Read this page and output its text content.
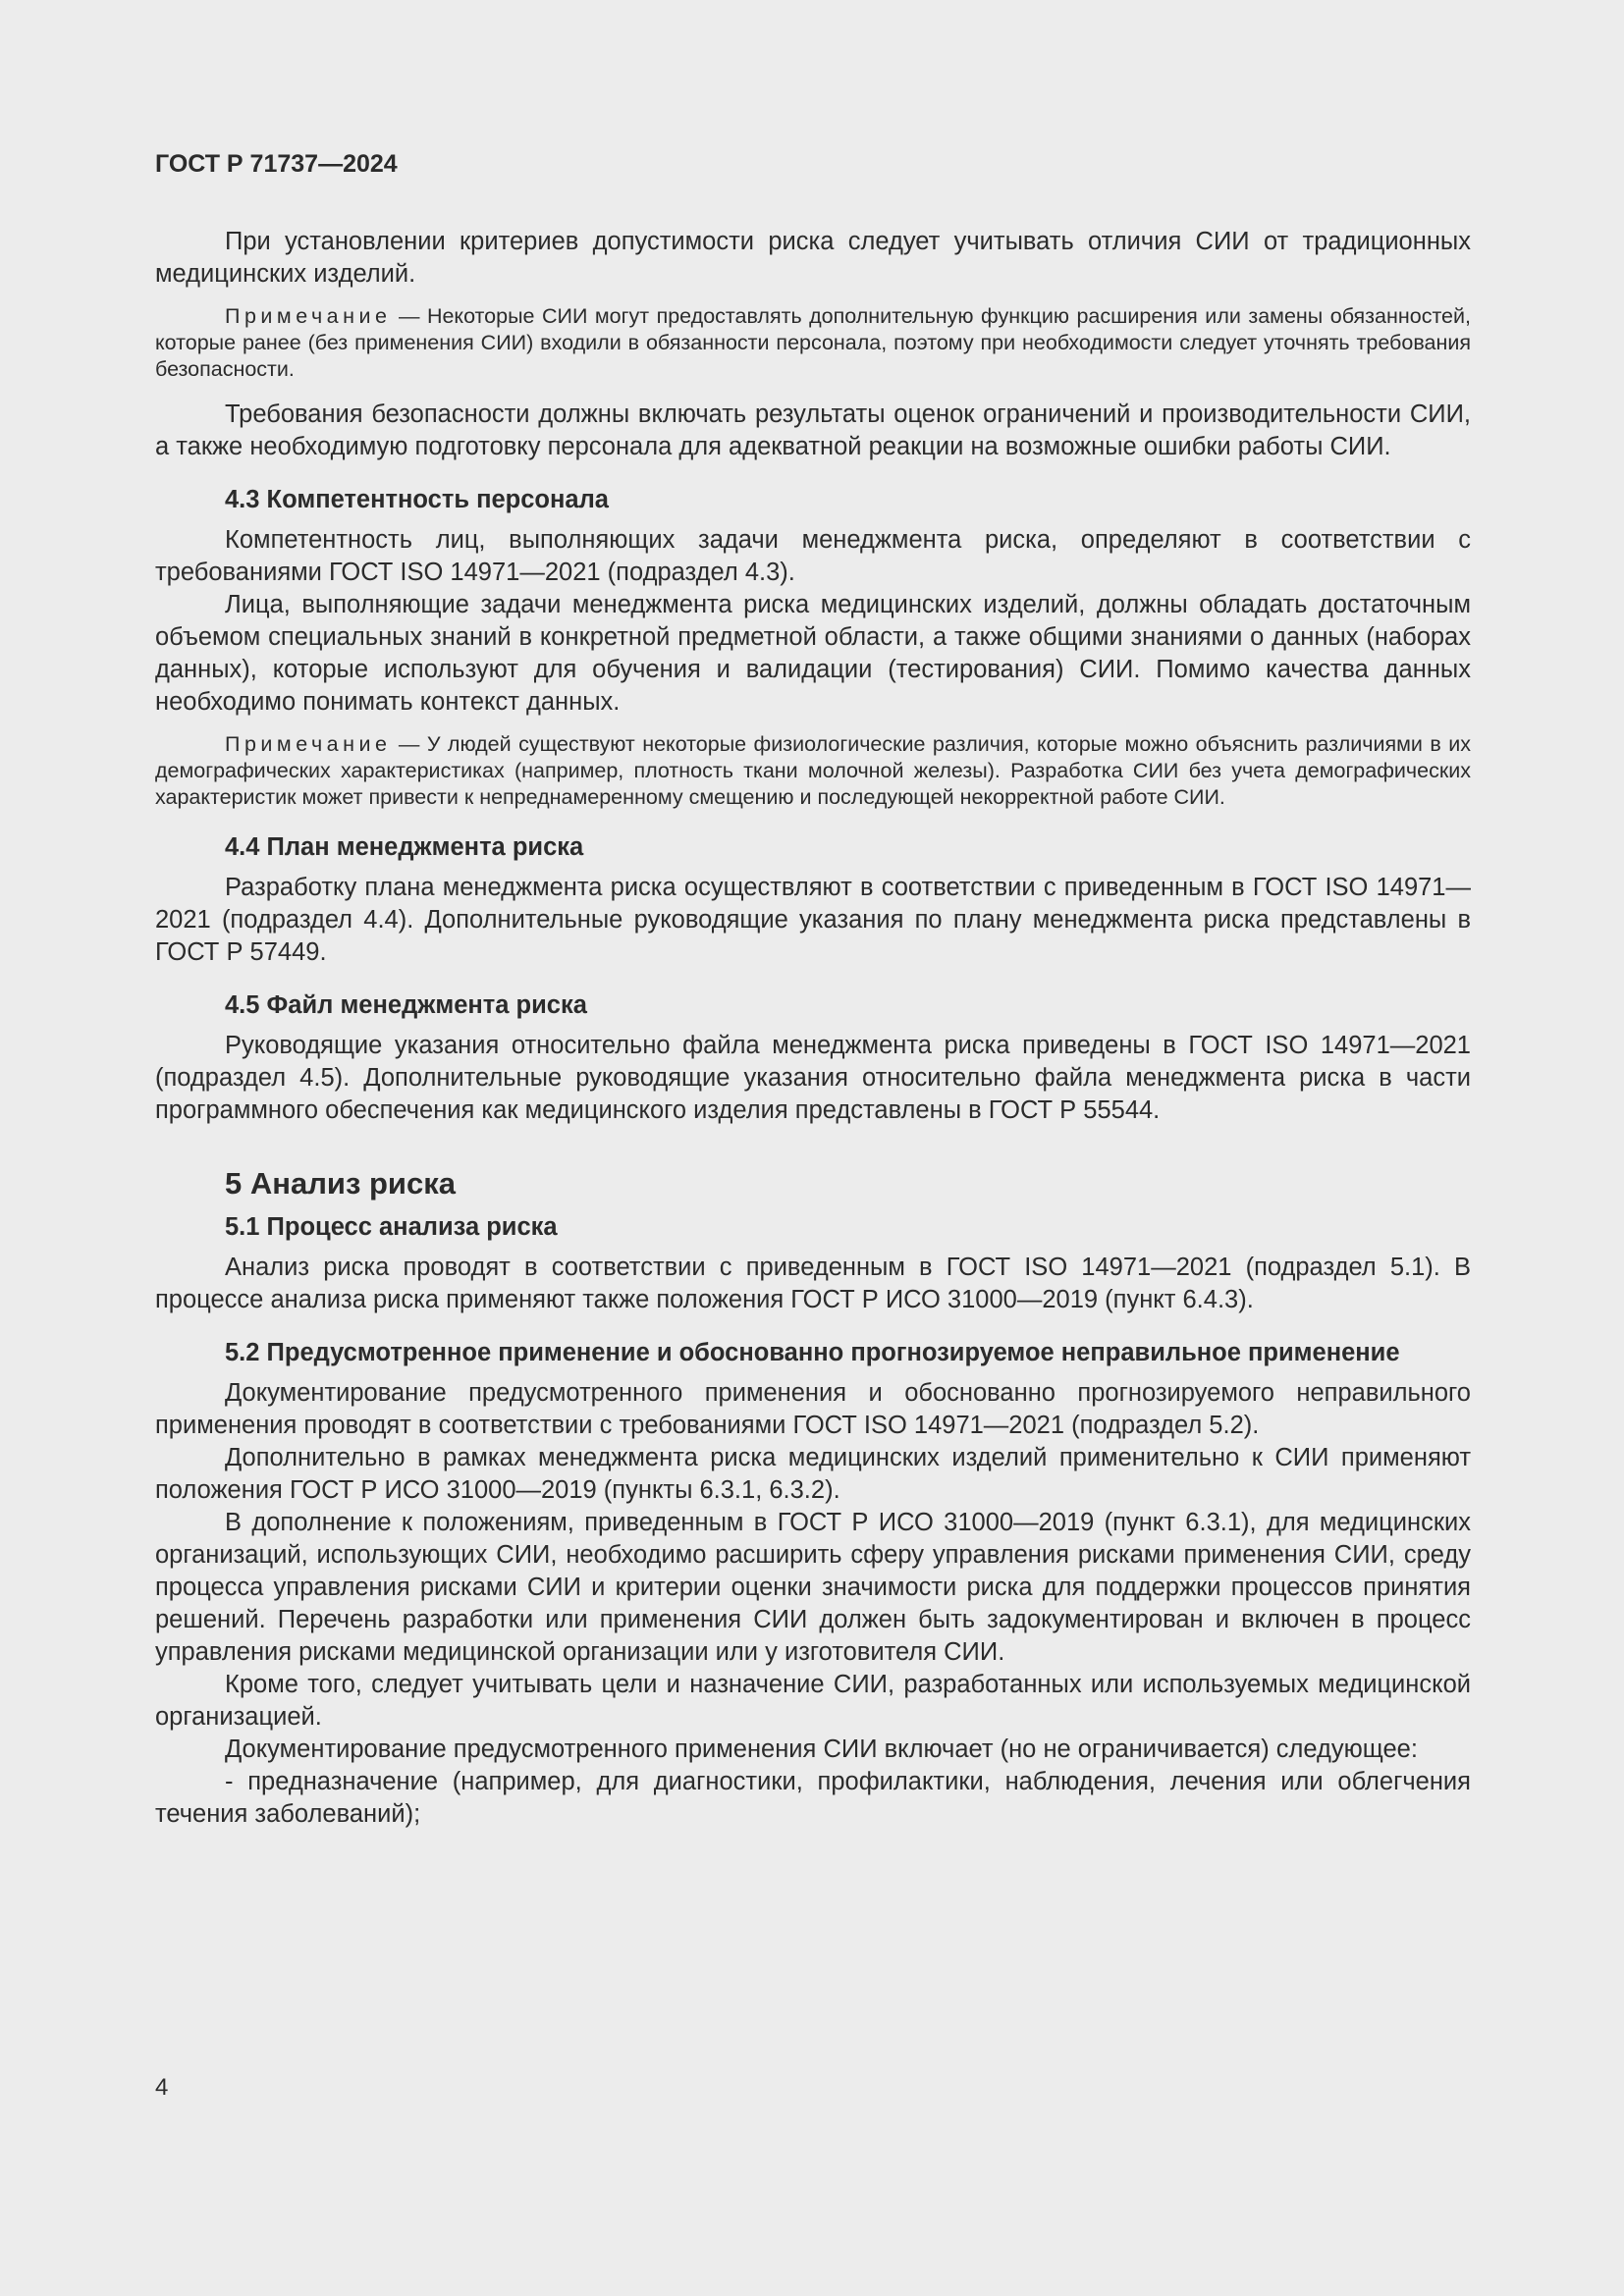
ГОСТ Р 71737—2024

При установлении критериев допустимости риска следует учитывать отличия СИИ от традиционных медицинских изделий.

Примечание — Некоторые СИИ могут предоставлять дополнительную функцию расширения или замены обязанностей, которые ранее (без применения СИИ) входили в обязанности персонала, поэтому при необходимости следует уточнять требования безопасности.

Требования безопасности должны включать результаты оценок ограничений и производительности СИИ, а также необходимую подготовку персонала для адекватной реакции на возможные ошибки работы СИИ.

4.3 Компетентность персонала

Компетентность лиц, выполняющих задачи менеджмента риска, определяют в соответствии с требованиями ГОСТ ISO 14971—2021 (подраздел 4.3).

Лица, выполняющие задачи менеджмента риска медицинских изделий, должны обладать достаточным объемом специальных знаний в конкретной предметной области, а также общими знаниями о данных (наборах данных), которые используют для обучения и валидации (тестирования) СИИ. Помимо качества данных необходимо понимать контекст данных.

Примечание — У людей существуют некоторые физиологические различия, которые можно объяснить различиями в их демографических характеристиках (например, плотность ткани молочной железы). Разработка СИИ без учета демографических характеристик может привести к непреднамеренному смещению и последующей некорректной работе СИИ.

4.4 План менеджмента риска

Разработку плана менеджмента риска осуществляют в соответствии с приведенным в ГОСТ ISO 14971—2021 (подраздел 4.4). Дополнительные руководящие указания по плану менеджмента риска представлены в ГОСТ Р 57449.

4.5 Файл менеджмента риска

Руководящие указания относительно файла менеджмента риска приведены в ГОСТ ISO 14971—2021 (подраздел 4.5). Дополнительные руководящие указания относительно файла менеджмента риска в части программного обеспечения как медицинского изделия представлены в ГОСТ Р 55544.

5 Анализ риска
5.1 Процесс анализа риска

Анализ риска проводят в соответствии с приведенным в ГОСТ ISO 14971—2021 (подраздел 5.1). В процессе анализа риска применяют также положения ГОСТ Р ИСО 31000—2019 (пункт 6.4.3).

5.2 Предусмотренное применение и обоснованно прогнозируемое неправильное применение

Документирование предусмотренного применения и обоснованно прогнозируемого неправильного применения проводят в соответствии с требованиями ГОСТ ISO 14971—2021 (подраздел 5.2).

Дополнительно в рамках менеджмента риска медицинских изделий применительно к СИИ применяют положения ГОСТ Р ИСО 31000—2019 (пункты 6.3.1, 6.3.2).

В дополнение к положениям, приведенным в ГОСТ Р ИСО 31000—2019 (пункт 6.3.1), для медицинских организаций, использующих СИИ, необходимо расширить сферу управления рисками применения СИИ, среду процесса управления рисками СИИ и критерии оценки значимости риска для поддержки процессов принятия решений. Перечень разработки или применения СИИ должен быть задокументирован и включен в процесс управления рисками медицинской организации или у изготовителя СИИ.

Кроме того, следует учитывать цели и назначение СИИ, разработанных или используемых медицинской организацией.

Документирование предусмотренного применения СИИ включает (но не ограничивается) следующее:

- предназначение (например, для диагностики, профилактики, наблюдения, лечения или облегчения течения заболеваний);

4
